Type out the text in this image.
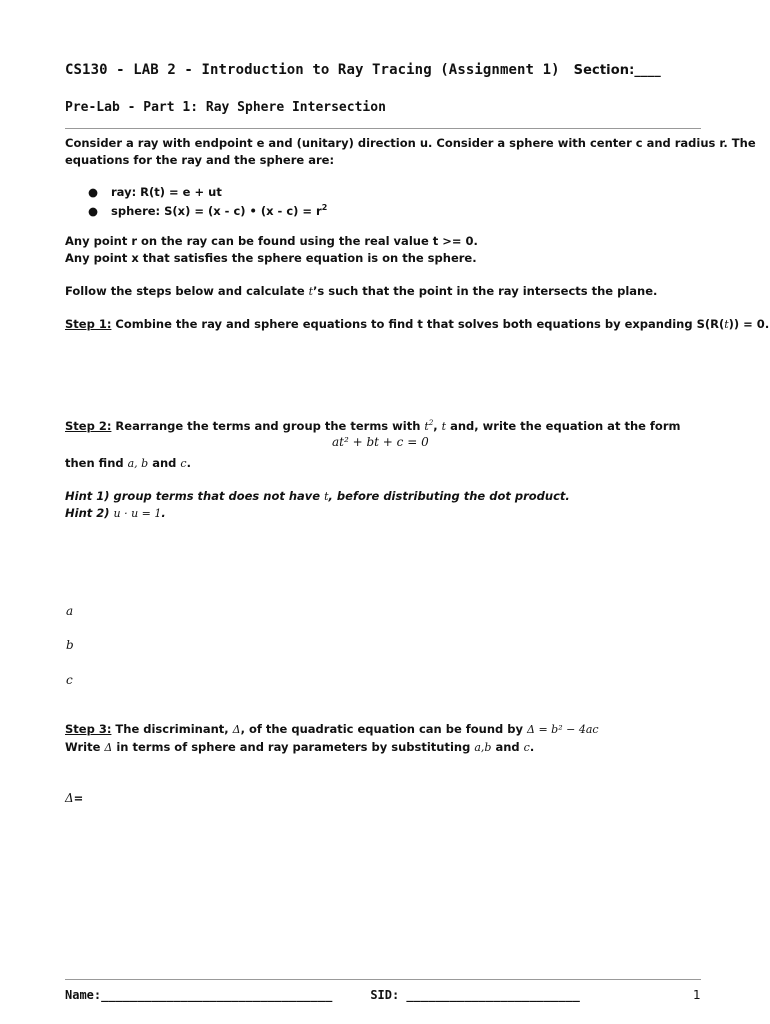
CS130 - LAB 2 - Introduction to Ray Tracing (Assignment 1) Section:____
Pre-Lab - Part 1: Ray Sphere Intersection
Consider a ray with endpoint e and (unitary) direction u. Consider a sphere with center c and radius r. The
equations for the ray and the sphere are:
●	ray: R(t) = e + ut
●	sphere: S(x) = (x - c) • $(x - c) = r^2$
Any point r on the ray can be found using the real value t >= 0.
Any point x that satisfies the sphere equation is on the sphere.
Follow the steps below and calculate t’s such that the point in the ray intersects the plane.
Step 1: Combine the ray and sphere equations to find t that solves both equations by expanding S(R(t)) = 0.
Step 2: Rearrange the terms and group the terms with $t^2$, t and, write the equation at the form
at² + bt + c = 0
then find a, b and c.
Hint 1) group terms that does not have t, before distributing the dot product.
Hint 2) u · u = 1.
a
b
c
Step 3: The discriminant, Δ, of the quadratic equation can be found by Δ = b² − 4ac
Write Δ in terms of sphere and ray parameters by substituting a,b and c.
Δ=
Name:________________________________	SID: ________________________	1
